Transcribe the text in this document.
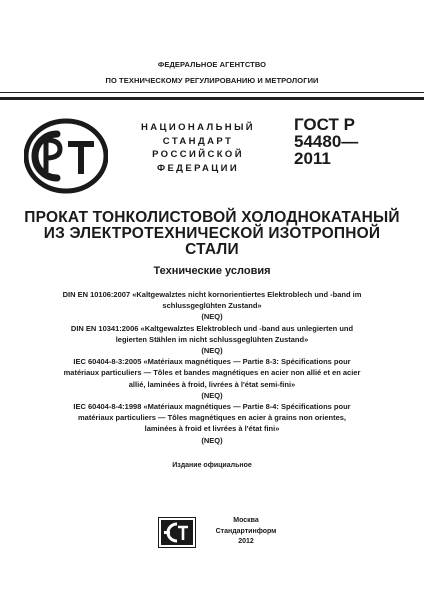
ФЕДЕРАЛЬНОЕ АГЕНТСТВО
ПО ТЕХНИЧЕСКОМУ РЕГУЛИРОВАНИЮ И МЕТРОЛОГИИ
НАЦИОНАЛЬНЫЙ
СТАНДАРТ
РОССИЙСКОЙ
ФЕДЕРАЦИИ
ГОСТ Р
54480—
2011
ПРОКАТ ТОНКОЛИСТОВОЙ ХОЛОДНОКАТАНЫЙ
ИЗ ЭЛЕКТРОТЕХНИЧЕСКОЙ ИЗОТРОПНОЙ
СТАЛИ
Технические условия
DIN EN 10106:2007 «Kaltgewalztes nicht kornorientiertes Elektroblech und -band im
schlussgeglühten Zustand»
(NEQ)
DIN EN 10341:2006 «Kaltgewalztes Elektroblech und -band aus unlegierten und
legierten Stählen im nicht schlussgeglühten Zustand»
(NEQ)
IEC 60404-8-3:2005 «Matériaux magnétiques — Partie 8-3: Spécifications pour
matériaux particuliers — Tôles et bandes magnétiques en acier non allié et en acier
allié, laminées à froid, livrées à l'état semi-fini»
(NEQ)
IEC 60404-8-4:1998 «Matériaux magnétiques — Partie 8-4: Spécifications pour
matériaux particuliers — Tôles magnétiques en acier à grains non orientes,
laminées à froid et livrées à l'état fini»
(NEQ)
Издание официальное
Москва
Стандартинформ
2012
